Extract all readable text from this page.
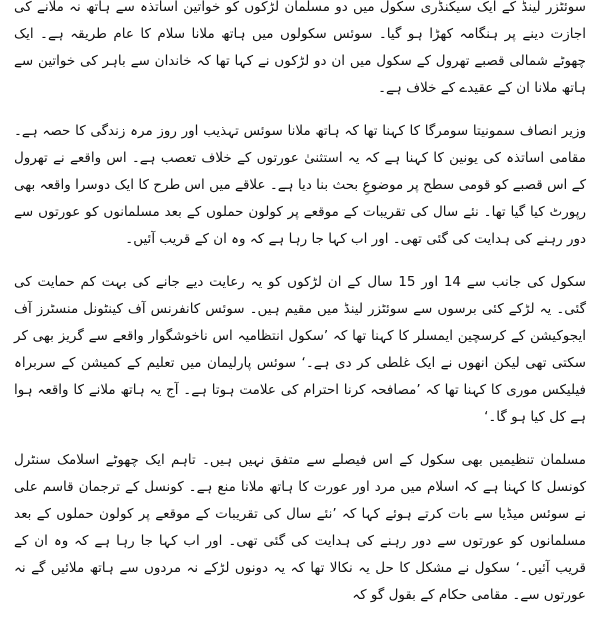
سوئٹزر لینڈ کے ایک سیکنڈری سکول میں دو مسلمان لڑکوں کو خواتین اساتذہ سے ہاتھ نہ ملانے کی اجازت دینے پر ہنگامہ کھڑا ہو گیا۔ سوئس سکولوں میں ہاتھ ملانا سلام کا عام طریقہ ہے۔ ایک چھوٹے شمالی قصبے تھرول کے سکول میں ان دو لڑکوں نے کہا تھا کہ خاندان سے باہر کی خواتین سے ہاتھ ملانا ان کے عقیدے کے خلاف ہے۔

وزیر انصاف سمونیتا سومرگا کا کہنا تھا کہ ہاتھ ملانا سوئس تہذیب اور روز مرہ زندگی کا حصہ ہے۔ مقامی اساتذہ کی یونین کا کہنا ہے کہ یہ استثنیٰ عورتوں کے خلاف تعصب ہے۔ اس واقعے نے تھرول کے اس قصبے کو قومی سطح پر موضوعِ بحث بنا دیا ہے۔ علاقے میں اس طرح کا ایک دوسرا واقعہ بھی رپورٹ کیا گیا تھا۔ نئے سال کی تقریبات کے موقعے پر کولون حملوں کے بعد مسلمانوں کو عورتوں سے دور رہنے کی ہدایت کی گئی تھی۔ اور اب کہا جا رہا ہے کہ وہ ان کے قریب آئیں۔

سکول کی جانب سے 14 اور 15 سال کے ان لڑکوں کو یہ رعایت دیے جانے کی بہت کم حمایت کی گئی۔ یہ لڑکے کئی برسوں سے سوئٹزر لینڈ میں مقیم ہیں۔ سوئس کانفرنس آف کینٹونل منسٹرز آف ایجوکیشن کے کرسچین ایمسلر کا کہنا تھا کہ ’سکول انتظامیہ اس ناخوشگوار واقعے سے گریز بھی کر سکتی تھی لیکن انھوں نے ایک غلطی کر دی ہے۔‘ سوئس پارلیمان میں تعلیم کے کمیشن کے سربراہ فیلیکس موری کا کہنا تھا کہ ’مصافحہ کرنا احترام کی علامت ہوتا ہے۔ آج یہ ہاتھ ملانے کا واقعہ ہوا ہے کل کیا ہو گا۔‘

مسلمان تنظیمیں بھی سکول کے اس فیصلے سے متفق نہیں ہیں۔ تاہم ایک چھوٹے اسلامک سنٹرل کونسل کا کہنا ہے کہ اسلام میں مرد اور عورت کا ہاتھ ملانا منع ہے۔ کونسل کے ترجمان قاسم علی نے سوئس میڈیا سے بات کرتے ہوئے کہا کہ ’نئے سال کی تقریبات کے موقعے پر کولون حملوں کے بعد مسلمانوں کو عورتوں سے دور رہنے کی ہدایت کی گئی تھی۔ اور اب کہا جا رہا ہے کہ وہ ان کے قریب آئیں۔‘ سکول نے مشکل کا حل یہ نکالا تھا کہ یہ دونوں لڑکے نہ مردوں سے ہاتھ ملائیں گے نہ عورتوں سے۔ مقامی حکام کے بقول گو کہ
